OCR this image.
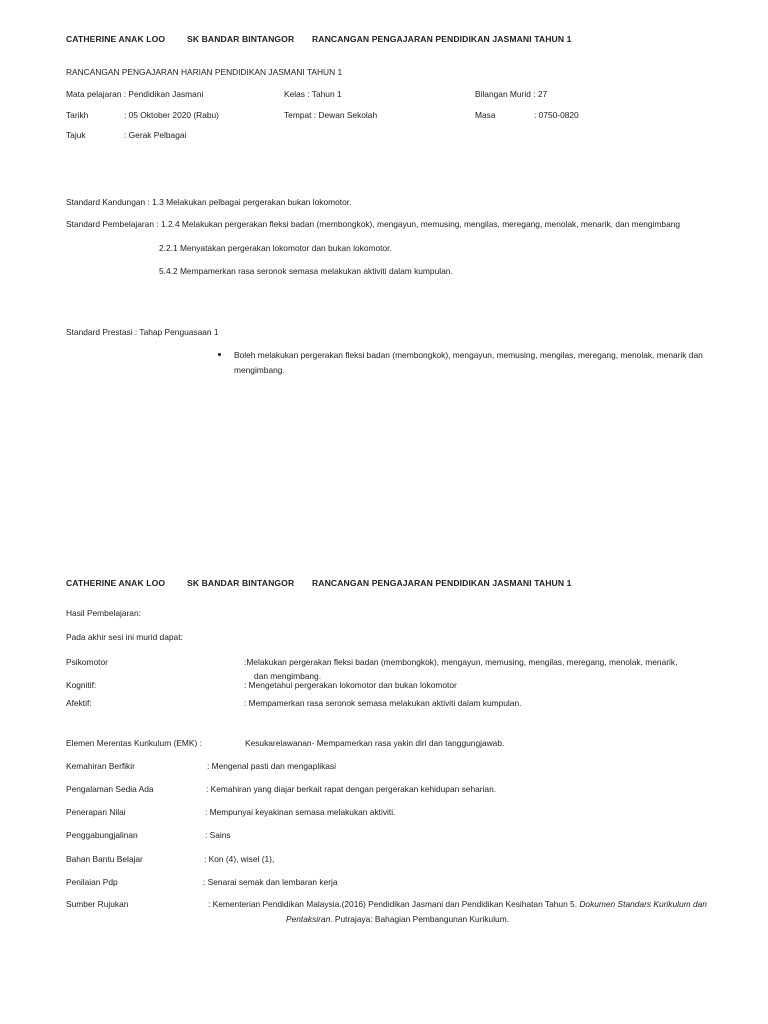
CATHERINE ANAK LOO	SK BANDAR BINTANGOR RANCANGAN PENGAJARAN PENDIDIKAN JASMANI TAHUN 1
RANCANGAN PENGAJARAN HARIAN PENDIDIKAN JASMANI TAHUN 1
Mata pelajaran : Pendidikan Jasmani	Kelas : Tahun 1	Bilangan Murid : 27
Tarikh	: 05 Oktober 2020 (Rabu)	Tempat : Dewan Sekolah	Masa	: 0750-0820
Tajuk	: Gerak Pelbagai
Standard Kandungan : 1.3 Melakukan pelbagai pergerakan bukan lokomotor.
Standard Pembelajaran : 1.2.4 Melakukan pergerakan fleksi badan (membongkok), mengayun, memusing, mengilas, meregang, menolak, menarik, dan mengimbang
2.2.1 Menyatakan pergerakan lokomotor dan bukan lokomotor.
5.4.2 Mempamerkan rasa seronok semasa melakukan aktiviti dalam kumpulan.
Standard Prestasi : Tahap Penguasaan 1
Boleh melakukan pergerakan fleksi badan (membongkok), mengayun, memusing, mengilas, meregang, menolak, menarik dan
mengimbang.
CATHERINE ANAK LOO	SK BANDAR BINTANGOR RANCANGAN PENGAJARAN PENDIDIKAN JASMANI TAHUN 1
Hasil Pembelajaran:
Pada akhir sesi ini murid dapat:
Psikomotor	:Melakukan pergerakan fleksi badan (membongkok), mengayun, memusing, mengilas, meregang, menolak, menarik,
dan mengimbang.
Kognitif:	: Mengetahui pergerakan lokomotor dan bukan lokomotor
Afektif:	: Mempamerkan rasa seronok semasa melakukan aktiviti dalam kumpulan.
Elemen Merentas Kurikulum (EMK) :	Kesukarelawanan- Mempamerkan rasa yakin diri dan tanggungjawab.
Kemahiran Berfikir	: Mengenal pasti dan mengaplikasi
Pengalaman Sedia Ada	: Kemahiran yang diajar berkait rapat dengan pergerakan kehidupan seharian.
Penerapan Nilai	: Mempunyai keyakinan semasa melakukan aktiviti.
Penggabungjalinan	: Sains
Bahan Bantu Belajar	: Kon (4), wisel (1),
Penilaian Pdp	: Senarai semak dan lembaran kerja
Sumber Rujukan	: Kementerian Pendidikan Malaysia.(2016) Pendidikan Jasmani dan Pendidikan Kesihatan Tahun 5. Dokumen Standars Kurikulum dan
Pentaksiran. Putrajaya: Bahagian Pembangunan Kurikulum.
